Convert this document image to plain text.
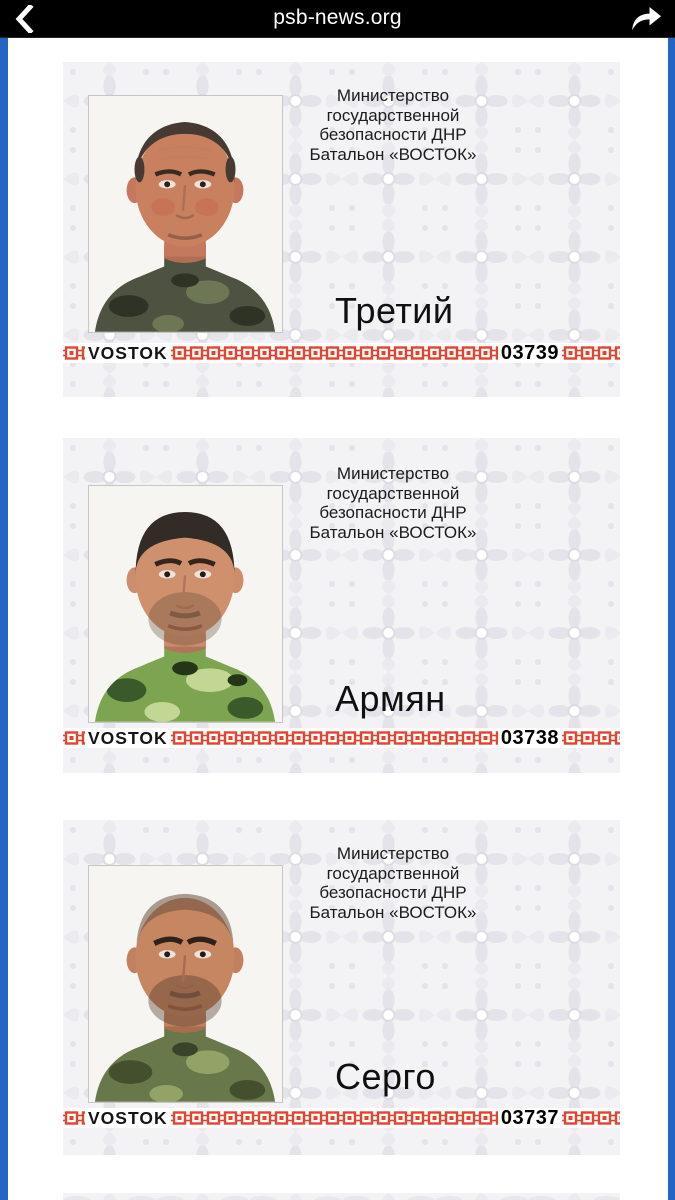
psb-news.org
Министерство
государственной
безопасности ДНР
Батальон «ВОСТОК»
Третий
VOSTOK	03739
Министерство
государственной
безопасности ДНР
Батальон «ВОСТОК»
Армян
VOSTOK	03738
Министерство
государственной
безопасности ДНР
Батальон «ВОСТОК»
Серго
VOSTOK	03737
